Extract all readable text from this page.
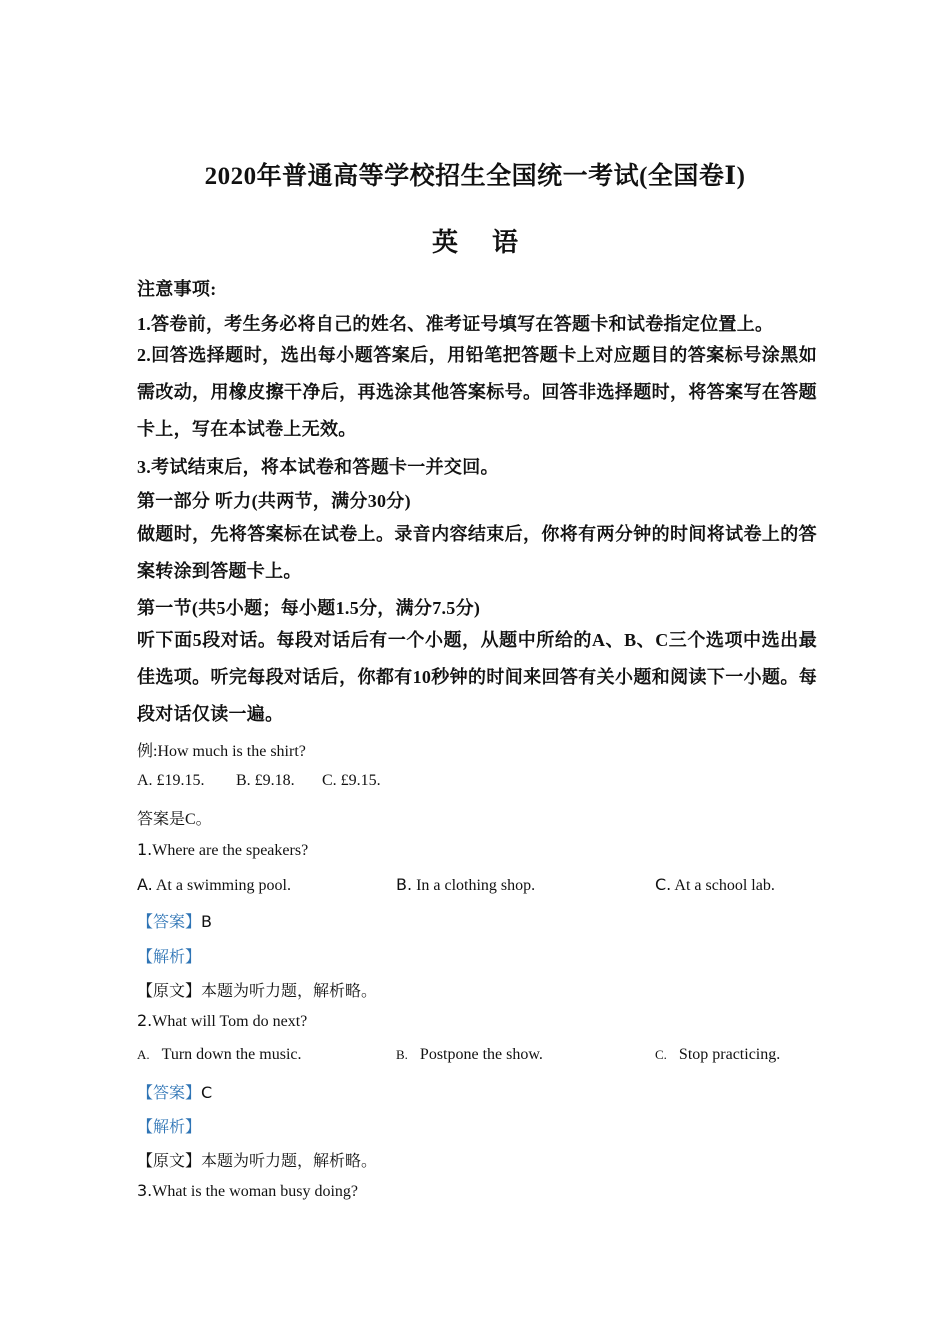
2020年普通高等学校招生全国统一考试(全国卷Ⅰ)
英语
注意事项:
1.答卷前，考生务必将自己的姓名、准考证号填写在答题卡和试卷指定位置上。
2.回答选择题时，选出每小题答案后，用铅笔把答题卡上对应题目的答案标号涂黑如需改动，用橡皮擦干净后，再选涂其他答案标号。回答非选择题时，将答案写在答题卡上，写在本试卷上无效。
3.考试结束后，将本试卷和答题卡一并交回。
第一部分 听力(共两节，满分30分)
做题时，先将答案标在试卷上。录音内容结束后，你将有两分钟的时间将试卷上的答案转涂到答题卡上。
第一节(共5小题；每小题1.5分，满分7.5分)
听下面5段对话。每段对话后有一个小题，从题中所给的A、B、C三个选项中选出最佳选项。听完每段对话后，你都有10秒钟的时间来回答有关小题和阅读下一小题。每段对话仅读一遍。
例:How much is the shirt?
A. £19.15. B. £9.18. C. £9.15.
答案是C。
1.Where are the speakers?
A. At a swimming pool.	B. In a clothing shop.	C. At a school lab.
【答案】B
【解析】
【原文】本题为听力题，解析略。
2.What will Tom do next?
A. Turn down the music.	B. Postpone the show.	C. Stop practicing.
【答案】C
【解析】
【原文】本题为听力题，解析略。
3.What is the woman busy doing?
